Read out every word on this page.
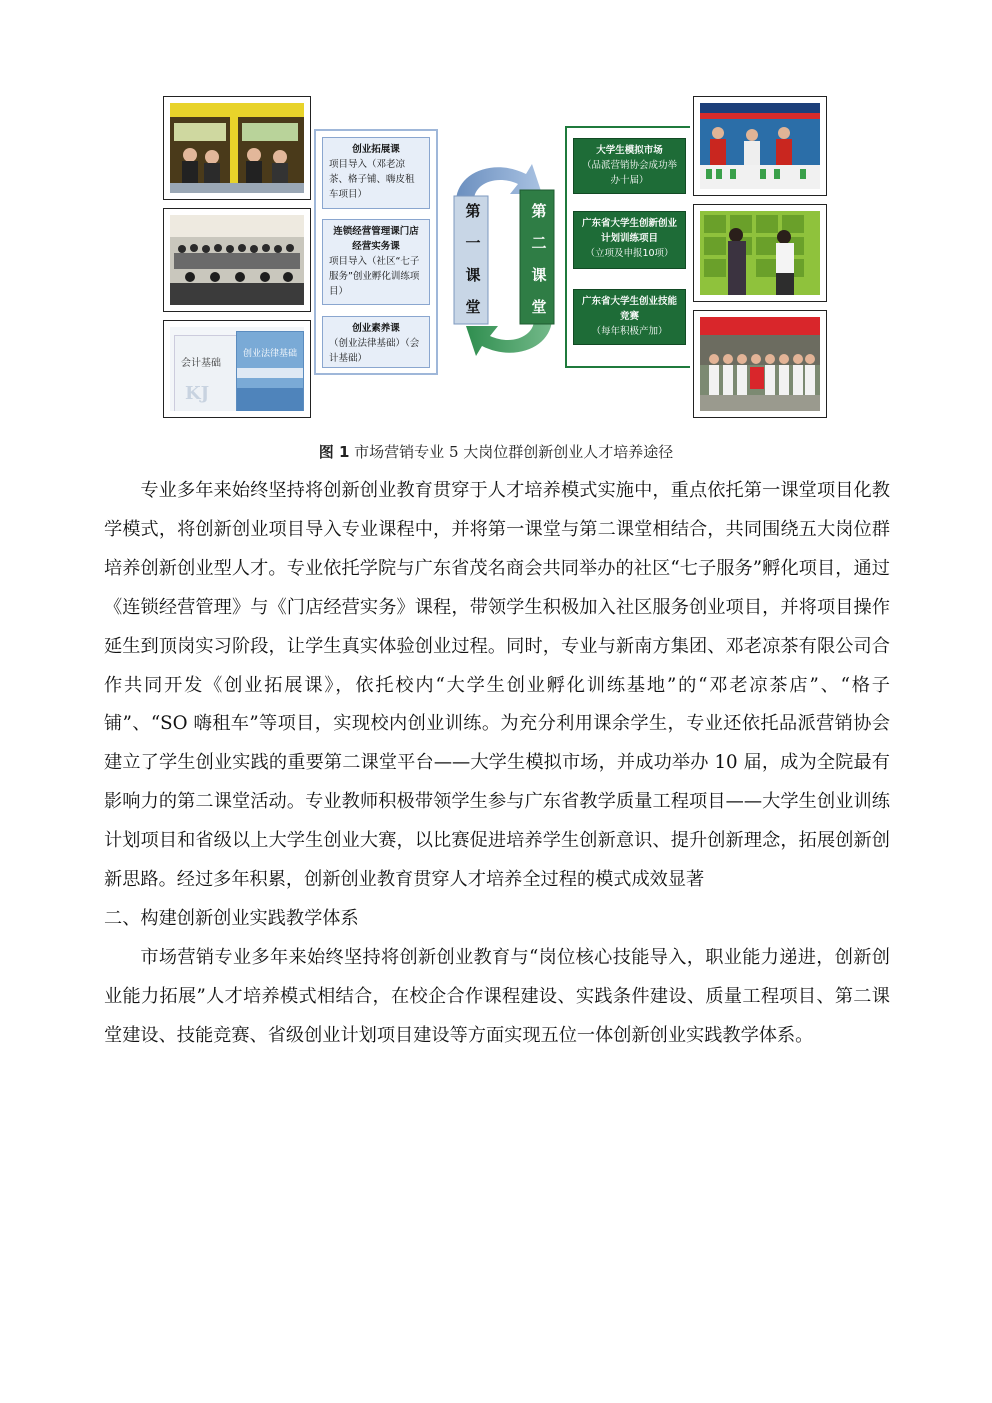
会计基础
KJ
创业法律基础
创业拓展课
项目导入（邓老凉茶、格子铺、嗨皮租车项目）
连锁经营管理课门店经营实务课
项目导入（社区“七子服务”创业孵化训练项目）
创业素养课
（创业法律基础）（会计基础）
第
一
课
堂
第
二
课
堂
大学生模拟市场
（品派营销协会成功举办十届）
广东省大学生创新创业计划训练项目
（立项及申报10项）
广东省大学生创业技能竞赛
（每年积极产加）
图 1 市场营销专业 5 大岗位群创新创业人才培养途径

专业多年来始终坚持将创新创业教育贯穿于人才培养模式实施中，重点依托第一课堂项目化教学模式，将创新创业项目导入专业课程中，并将第一课堂与第二课堂相结合，共同围绕五大岗位群培养创新创业型人才。专业依托学院与广东省茂名商会共同举办的社区“七子服务”孵化项目，通过《连锁经营管理》与《门店经营实务》课程，带领学生积极加入社区服务创业项目，并将项目操作延生到顶岗实习阶段，让学生真实体验创业过程。同时，专业与新南方集团、邓老凉茶有限公司合作共同开发《创业拓展课》，依托校内“大学生创业孵化训练基地”的“邓老凉茶店”、“格子铺”、“SO 嗨租车”等项目，实现校内创业训练。为充分利用课余学生，专业还依托品派营销协会建立了学生创业实践的重要第二课堂平台——大学生模拟市场，并成功举办 10 届，成为全院最有影响力的第二课堂活动。专业教师积极带领学生参与广东省教学质量工程项目——大学生创业训练计划项目和省级以上大学生创业大赛，以比赛促进培养学生创新意识、提升创新理念，拓展创新创新思路。经过多年积累，创新创业教育贯穿人才培养全过程的模式成效显著

二、构建创新创业实践教学体系

市场营销专业多年来始终坚持将创新创业教育与“岗位核心技能导入，职业能力递进，创新创业能力拓展”人才培养模式相结合，在校企合作课程建设、实践条件建设、质量工程项目、第二课堂建设、技能竞赛、省级创业计划项目建设等方面实现五位一体创新创业实践教学体系。
